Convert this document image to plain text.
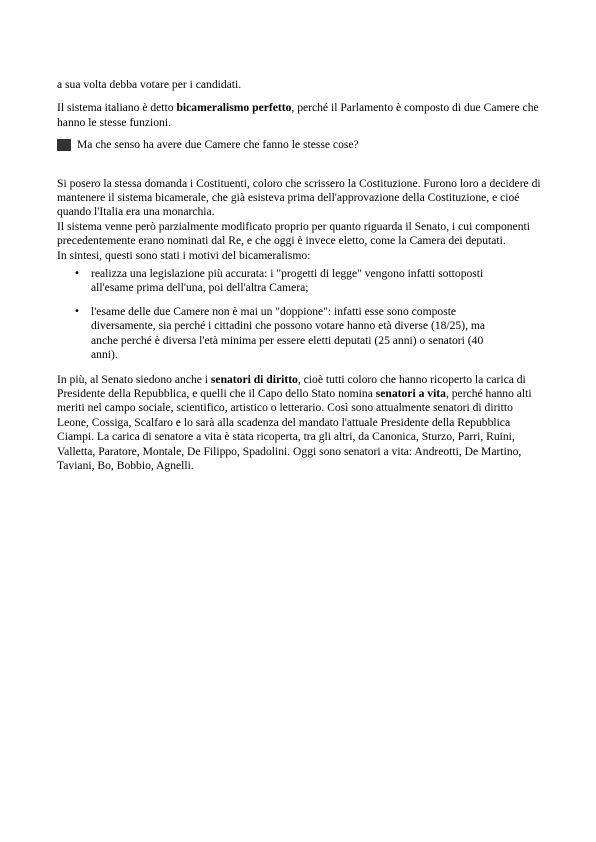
a sua volta debba votare per i candidati.

Il sistema italiano è detto bicameralismo perfetto, perché il Parlamento è composto di due Camere che hanno le stesse funzioni.

Ma che senso ha avere due Camere che fanno le stesse cose?

Si posero la stessa domanda i Costituenti, coloro che scrissero la Costituzione. Furono loro a decidere di mantenere il sistema bicamerale, che già esisteva prima dell'approvazione della Costituzione, e cioé quando l'Italia era una monarchia.

Il sistema venne però parzialmente modificato proprio per quanto riguarda il Senato, i cui componenti precedentemente erano nominati dal Re, e che oggi è invece eletto, come la Camera dei deputati.

In sintesi, questi sono stati i motivi del bicameralismo:

• realizza una legislazione più accurata: i "progetti di legge" vengono infatti sottoposti all'esame prima dell'una, poi dell'altra Camera;
• l'esame delle due Camere non è mai un "doppione": infatti esse sono composte diversamente, sia perché i cittadini che possono votare hanno età diverse (18/25), ma anche perché è diversa l'età minima per essere eletti deputati (25 anni) o senatori (40 anni).

In più, al Senato siedono anche i senatori di diritto, cioè tutti coloro che hanno ricoperto la carica di Presidente della Repubblica, e quelli che il Capo dello Stato nomina senatori a vita, perché hanno alti meriti nel campo sociale, scientifico, artistico o letterario. Così sono attualmente senatori di diritto Leone, Cossiga, Scalfaro e lo sarà alla scadenza del mandato l'attuale Presidente della Repubblica Ciampi. La carica di senatore a vita è stata ricoperta, tra gli altri, da Canonica, Sturzo, Parri, Ruini, Valletta, Paratore, Montale, De Filippo, Spadolini. Oggi sono senatori a vita: Andreotti, De Martino, Taviani, Bo, Bobbio, Agnelli.
